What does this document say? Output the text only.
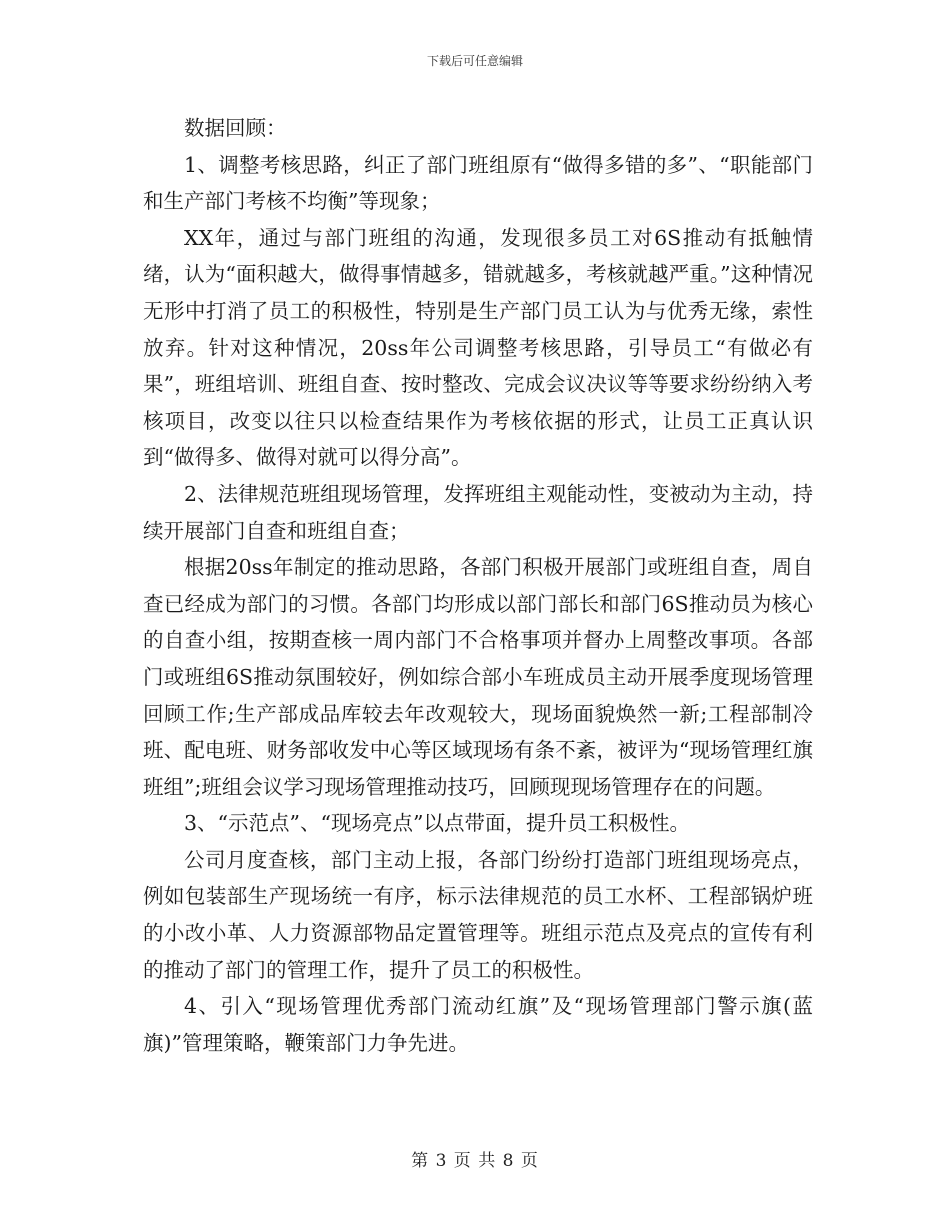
下载后可任意编辑

数据回顾：

1、调整考核思路，纠正了部门班组原有“做得多错的多”、“职能部门和生产部门考核不均衡”等现象；

XX年，通过与部门班组的沟通，发现很多员工对6S推动有抵触情绪，认为“面积越大，做得事情越多，错就越多，考核就越严重。”这种情况无形中打消了员工的积极性，特别是生产部门员工认为与优秀无缘，索性放弃。针对这种情况，20ss年公司调整考核思路，引导员工“有做必有果”，班组培训、班组自查、按时整改、完成会议决议等等要求纷纷纳入考核项目，改变以往只以检查结果作为考核依据的形式，让员工正真认识到“做得多、做得对就可以得分高”。

2、法律规范班组现场管理，发挥班组主观能动性，变被动为主动，持续开展部门自查和班组自查；

根据20ss年制定的推动思路，各部门积极开展部门或班组自查，周自查已经成为部门的习惯。各部门均形成以部门部长和部门6S推动员为核心的自查小组，按期查核一周内部门不合格事项并督办上周整改事项。各部门或班组6S推动氛围较好，例如综合部小车班成员主动开展季度现场管理回顾工作;生产部成品库较去年改观较大，现场面貌焕然一新;工程部制冷班、配电班、财务部收发中心等区域现场有条不紊，被评为“现场管理红旗班组”;班组会议学习现场管理推动技巧，回顾现现场管理存在的问题。

3、“示范点”、“现场亮点”以点带面，提升员工积极性。

公司月度查核，部门主动上报，各部门纷纷打造部门班组现场亮点，例如包装部生产现场统一有序，标示法律规范的员工水杯、工程部锅炉班的小改小革、人力资源部物品定置管理等。班组示范点及亮点的宣传有利的推动了部门的管理工作，提升了员工的积极性。

4、引入“现场管理优秀部门流动红旗”及“现场管理部门警示旗(蓝旗)”管理策略，鞭策部门力争先进。

第 3 页 共 8 页
